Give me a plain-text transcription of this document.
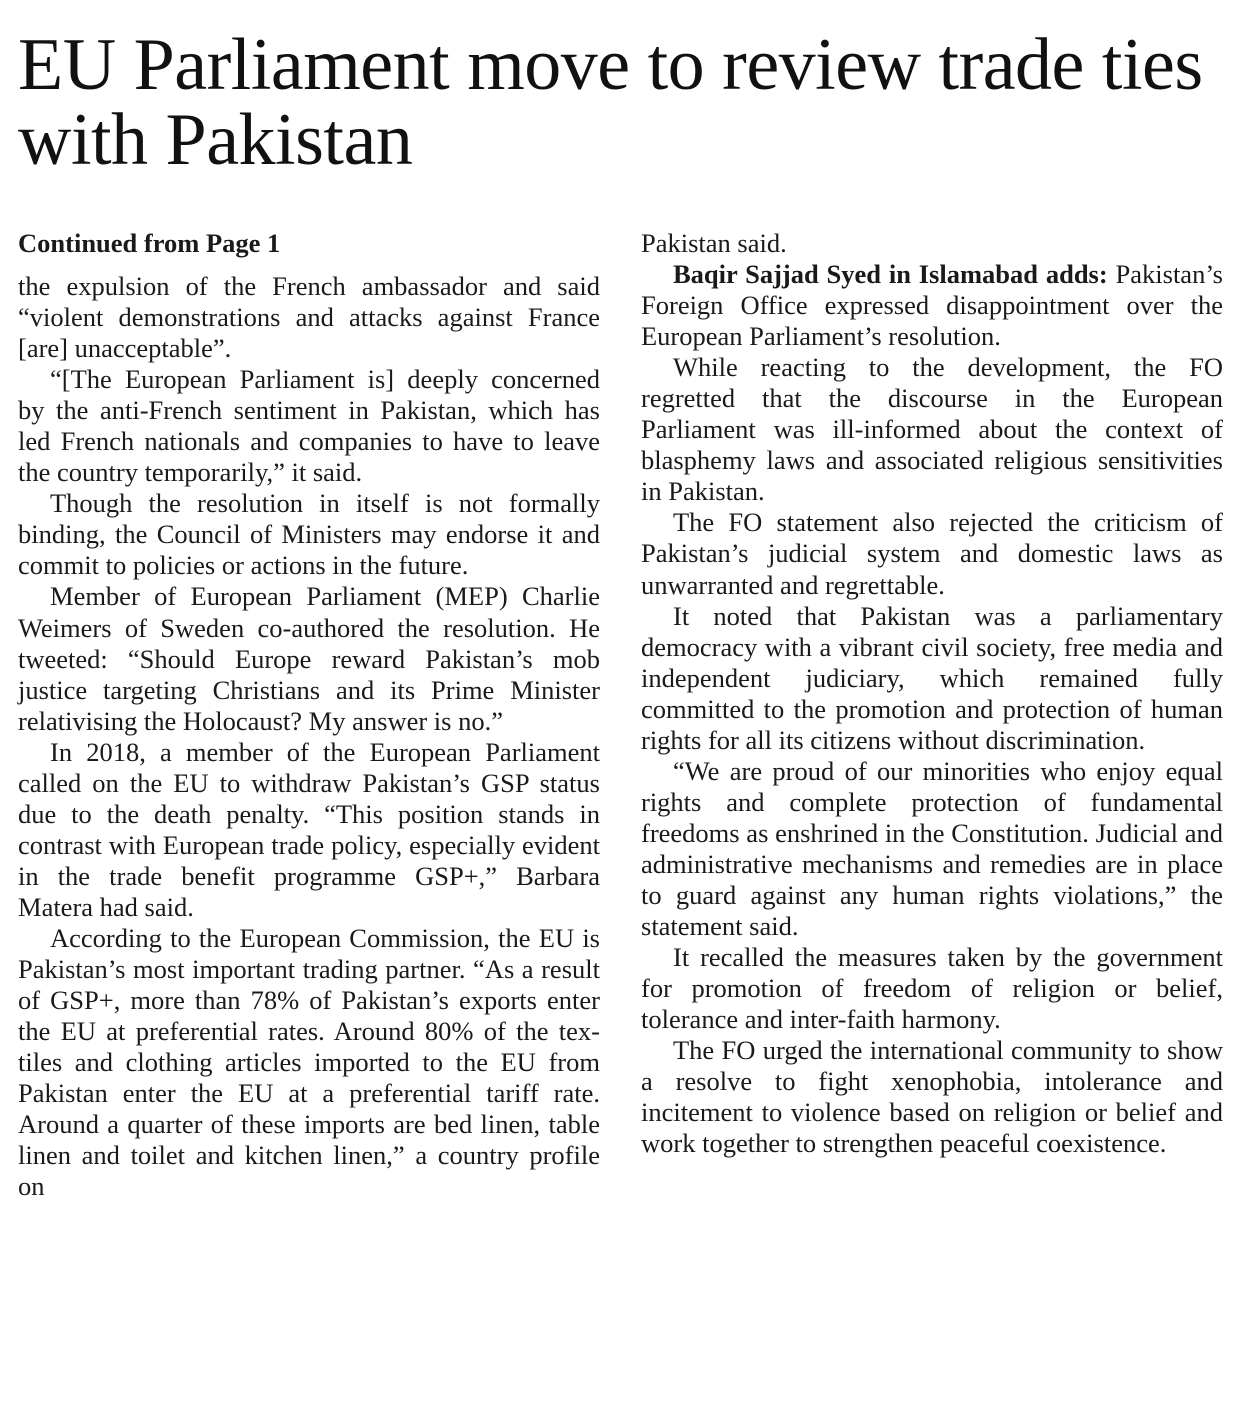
EU Parliament move to review trade ties with Pakistan
Continued from Page 1

the expulsion of the French ambassador and said “violent demonstrations and attacks against France [are] unacceptable”.

“[The European Parliament is] deeply concerned by the anti-French sentiment in Pakistan, which has led French nationals and companies to have to leave the country temporarily,” it said.

Though the resolution in itself is not formally binding, the Council of Ministers may endorse it and commit to policies or actions in the future.

Member of European Parliament (MEP) Charlie Weimers of Sweden co-authored the resolution. He tweeted: “Should Europe reward Pakistan’s mob justice targeting Christians and its Prime Minister relativising the Holocaust? My answer is no.”

In 2018, a member of the European Parliament called on the EU to withdraw Pakistan’s GSP status due to the death penalty. “This position stands in contrast with European trade policy, especially evident in the trade benefit programme GSP+,” Barbara Matera had said.

According to the European Commission, the EU is Pakistan’s most important trading partner. “As a result of GSP+, more than 78% of Pakistan’s exports enter the EU at preferential rates. Around 80% of the textiles and clothing articles imported to the EU from Pakistan enter the EU at a preferential tariff rate. Around a quarter of these imports are bed linen, table linen and toilet and kitchen linen,” a country profile on

Pakistan said.

Baqir Sajjad Syed in Islamabad adds: Pakistan’s Foreign Office expressed disappointment over the European Parliament’s resolution.

While reacting to the development, the FO regretted that the discourse in the European Parliament was ill-informed about the context of blasphemy laws and associated religious sensitivities in Pakistan.

The FO statement also rejected the criticism of Pakistan’s judicial system and domestic laws as unwarranted and regrettable.

It noted that Pakistan was a parliamentary democracy with a vibrant civil society, free media and independent judiciary, which remained fully committed to the promotion and protection of human rights for all its citizens without discrimination.

“We are proud of our minorities who enjoy equal rights and complete protection of fundamental freedoms as enshrined in the Constitution. Judicial and administrative mechanisms and remedies are in place to guard against any human rights violations,” the statement said.

It recalled the measures taken by the government for promotion of freedom of religion or belief, tolerance and inter-faith harmony.

The FO urged the international community to show a resolve to fight xenophobia, intolerance and incitement to violence based on religion or belief and work together to strengthen peaceful coexistence.
